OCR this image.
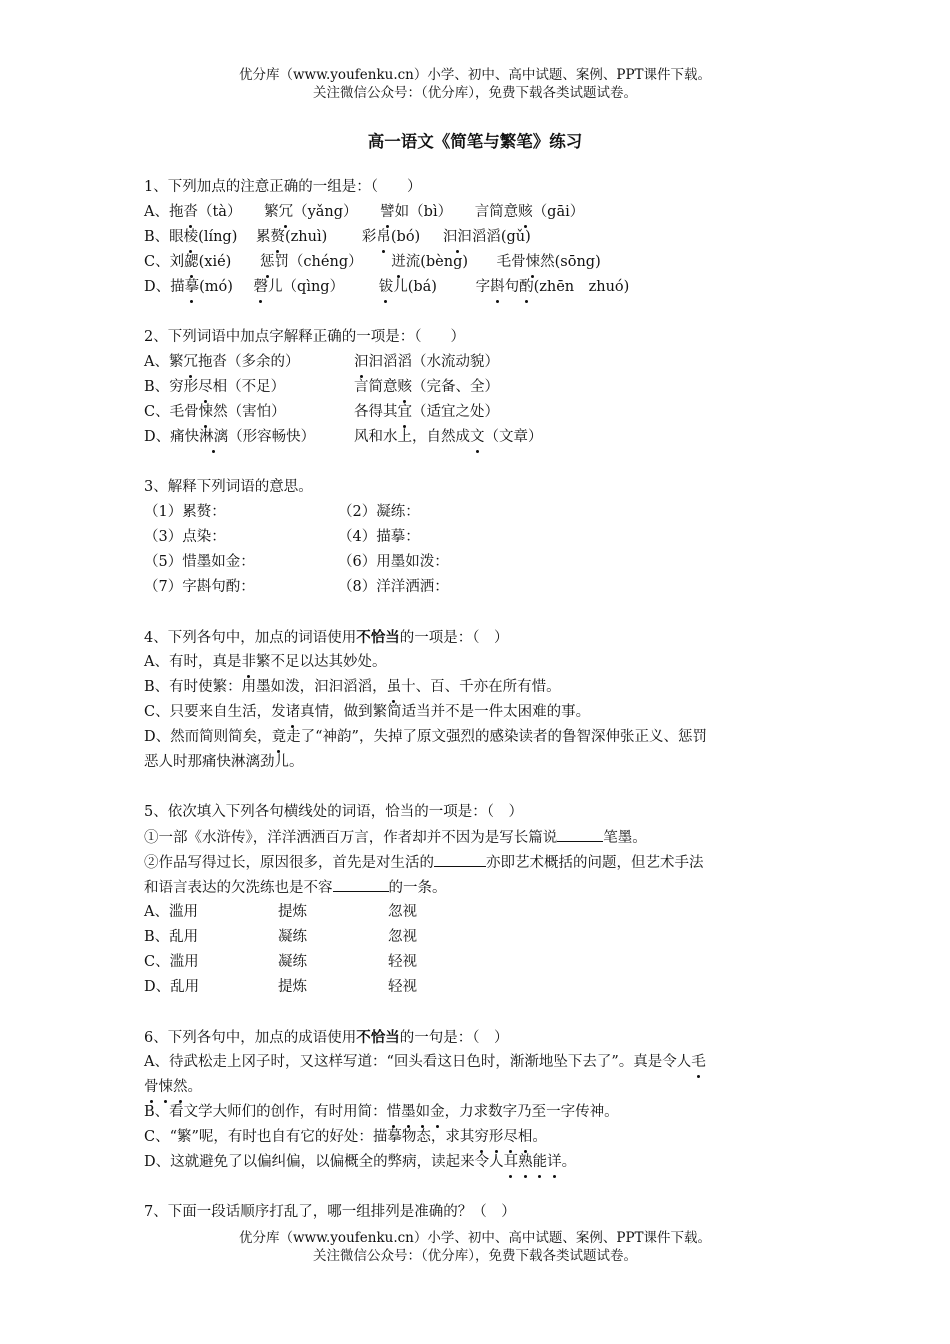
优分库（www.youfenku.cn）小学、初中、高中试题、案例、PPT课件下载。
关注微信公众号：（优分库），免费下载各类试题试卷。
高一语文《简笔与繁笔》练习
1、下列加点的注意正确的一组是：（　　）
A、拖沓（tà） 繁冗（yǎng） 譬如（bì） 言简意赅（gāi）
B、眼棱(líng) 累赘(zhuì) 彩帛(bó) 汩汩滔滔(gǔ)
C、刘勰(xié) 惩罚（chéng） 迸流(bèng) 毛骨悚然(sōng)
D、描摹(mó) 磬儿（qìng） 钹儿(bá)	字斟句酌(zhēn　zhuó)
2、下列词语中加点字解释正确的一项是：（　　）
A、繁冗拖沓（多余的）	汩汩滔滔（水流动貌）
B、穷形尽相（不足）	言简意赅（完备、全）
C、毛骨悚然（害怕）	各得其宜（适宜之处）
D、痛快淋漓（形容畅快）	风和水上，自然成文（文章）
3、解释下列词语的意思。
（1）累赘：	（2）凝练：
（3）点染：	（4）描摹：
（5）惜墨如金：	（6）用墨如泼：
（7）字斟句酌：	（8）洋洋洒洒：
4、下列各句中，加点的词语使用不恰当的一项是：（　）
A、有时，真是非繁不足以达其妙处。
B、有时使繁：用墨如泼，汩汩滔滔，虽十、百、千亦在所有惜。
C、只要来自生活，发诸真情，做到繁简适当并不是一件太困难的事。
D、然而简则简矣，竟走了“神韵”，失掉了原文强烈的感染读者的鲁智深伸张正义、惩罚
恶人时那痛快淋漓劲儿。
5、依次填入下列各句横线处的词语，恰当的一项是：（　）
①一部《水浒传》，洋洋洒洒百万言，作者却并不因为是写长篇说	笔墨。
②作品写得过长，原因很多，首先是对生活的	亦即艺术概括的问题，但艺术手法
和语言表达的欠洗练也是不容	的一条。
A、滥用	提炼	忽视
B、乱用	凝练	忽视
C、滥用	凝练	轻视
D、乱用	提炼	轻视
6、下列各句中，加点的成语使用不恰当的一句是：（　）
A、待武松走上冈子时，又这样写道：“回头看这日色时，渐渐地坠下去了”。真是令人毛
骨悚然。
B、看文学大师们的创作，有时用简：惜墨如金，力求数字乃至一字传神。
C、“繁”呢，有时也自有它的好处：描摹物态，求其穷形尽相。
D、这就避免了以偏纠偏，以偏概全的弊病，读起来令人耳熟能详。
7、下面一段话顺序打乱了，哪一组排列是准确的？（　）
优分库（www.youfenku.cn）小学、初中、高中试题、案例、PPT课件下载。
关注微信公众号：（优分库），免费下载各类试题试卷。
